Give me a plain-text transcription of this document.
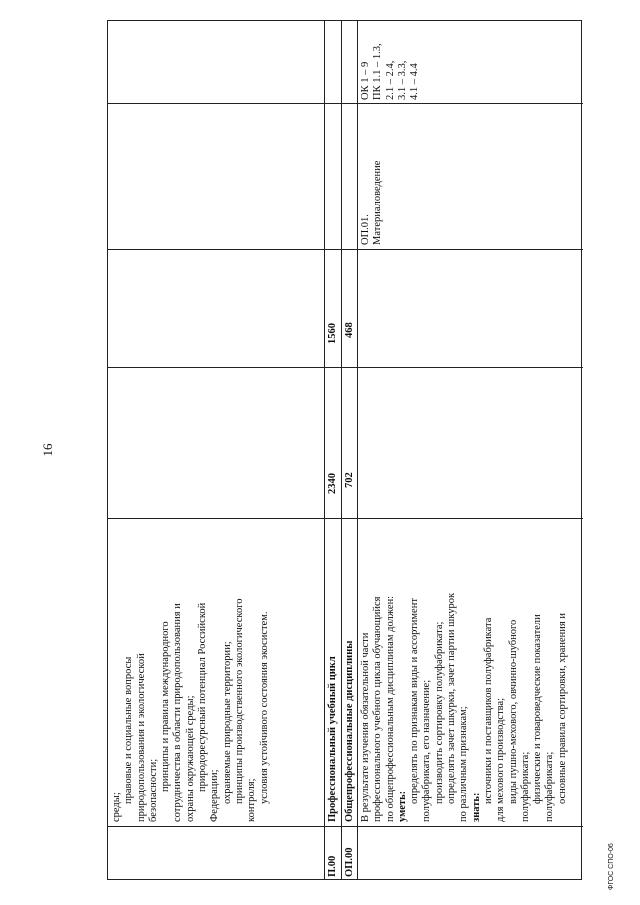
16
ФГОС СПО-06
среды;
правовые и социальные вопросы природопользования и экологической безопасности; принципы и правила международного сотрудничества в области природопользования и охраны окружающей среды; природоресурсный потенциал Российской
Федерации; охраняемые природные территории; принципы производственного экологического контроля; условия устойчивого состояния экосистем.
П.00
Профессиональный учебный цикл
2340
1560
ОП.00
Общепрофессиональные дисциплины
702
468
В результате изучения обязательной части профессионального учебного цикла обучающийся по общепрофессиональным дисциплинам должен: уметь:
определять по признакам виды и ассортимент полуфабриката, его назначение; производить сортировку полуфабриката; определять зачет шкурки, зачет партии шкурок по различным признакам; знать:
источники и поставщиков полуфабриката для мехового производства; виды пушно-мехового, овчинно-шубного полуфабриката; физические и товароведческие показатели полуфабриката; основные правила сортировки, хранения и
ОП.01. Материаловедение
ОК 1 – 9 ПК 1.1 – 1.3, 2.1 – 2.4, 3.1 – 3.3, 4.1 – 4.4
